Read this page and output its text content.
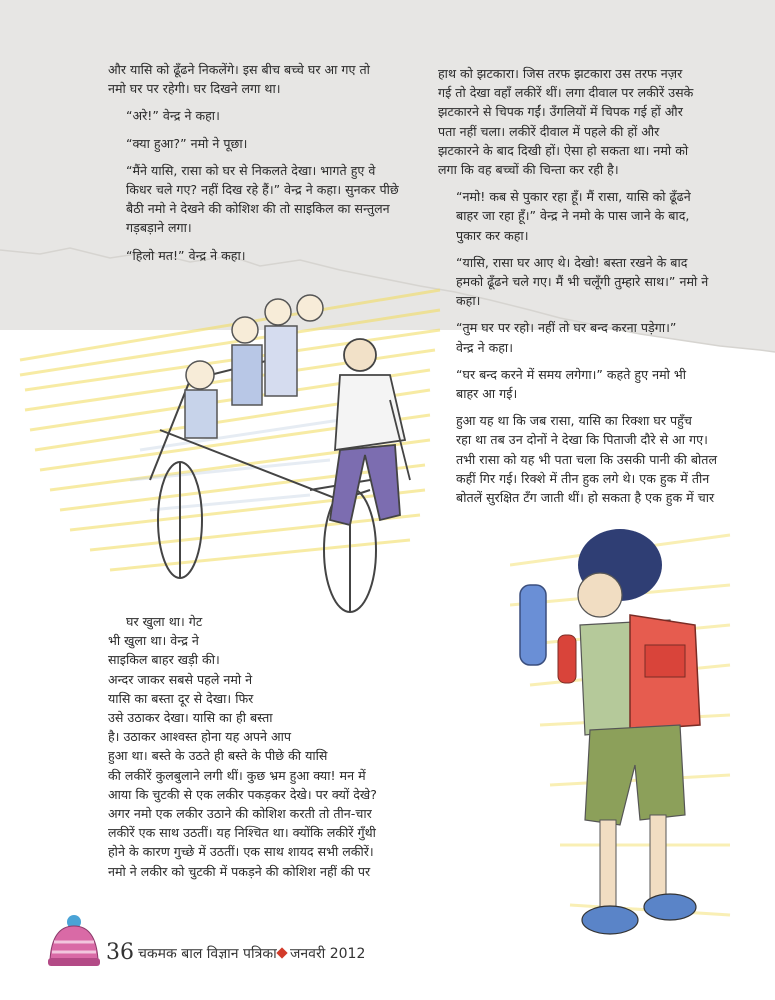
और यासि को ढूँढने निकलेंगे। इस बीच बच्चे घर आ गए तो
नमो घर पर रहेगी। घर दिखने लगा था।

“अरे!” वेन्द्र ने कहा।

“क्या हुआ?” नमो ने पूछा।

“मैंने यासि, रासा को घर से निकलते देखा। भागते हुए वे
किधर चले गए? नहीं दिख रहे हैं।” वेन्द्र ने कहा। सुनकर पीछे
बैठी नमो ने देखने की कोशिश की तो साइकिल का सन्तुलन
गड़बड़ाने लगा।

“हिलो मत!” वेन्द्र ने कहा।

हाथ को झटकारा। जिस तरफ झटकारा उस तरफ नज़र
गई तो देखा वहाँ लकीरें थीं। लगा दीवाल पर लकीरें उसके
झटकारने से चिपक गईं। उँगलियों में चिपक गई हों और
पता नहीं चला। लकीरें दीवाल में पहले की हों और
झटकारने के बाद दिखी हों। ऐसा हो सकता था। नमो को
लगा कि वह बच्चों की चिन्ता कर रही है।

“नमो! कब से पुकार रहा हूँ। मैं रासा, यासि को ढूँढने
बाहर जा रहा हूँ।” वेन्द्र ने नमो के पास जाने के बाद,
पुकार कर कहा।

“यासि, रासा घर आए थे। देखो! बस्ता रखने के बाद
हमको ढूँढने चले गए। मैं भी चलूँगी तुम्हारे साथ।” नमो ने
कहा।

“तुम घर पर रहो। नहीं तो घर बन्द करना पड़ेगा।”
वेन्द्र ने कहा।

“घर बन्द करने में समय लगेगा।” कहते हुए नमो भी
बाहर आ गई।

हुआ यह था कि जब रासा, यासि का रिक्शा घर पहुँच
रहा था तब उन दोनों ने देखा कि पिताजी दौरे से आ गए।
तभी रासा को यह भी पता चला कि उसकी पानी की बोतल
कहीं गिर गई। रिक्शे में तीन हुक लगे थे। एक हुक में तीन
बोतलें सुरक्षित टँग जाती थीं। हो सकता है एक हुक में चार

घर खुला था। गेट
भी खुला था। वेन्द्र ने
साइकिल बाहर खड़ी की।
अन्दर जाकर सबसे पहले नमो ने
यासि का बस्ता दूर से देखा। फिर
उसे उठाकर देखा। यासि का ही बस्ता
है। उठाकर आश्वस्त होना यह अपने आप
हुआ था। बस्ते के उठते ही बस्ते के पीछे की यासि
की लकीरें कुलबुलाने लगी थीं। कुछ भ्रम हुआ क्या! मन में
आया कि चुटकी से एक लकीर पकड़कर देखे। पर क्यों देखे?
अगर नमो एक लकीर उठाने की कोशिश करती तो तीन-चार
लकीरें एक साथ उठतीं। यह निश्चित था। क्योंकि लकीरें गुँथी
होने के कारण गुच्छे में उठतीं। एक साथ शायद सभी लकीरें।
नमो ने लकीर को चुटकी में पकड़ने की कोशिश नहीं की पर
36 चकमक बाल विज्ञान पत्रिका जनवरी 2012
